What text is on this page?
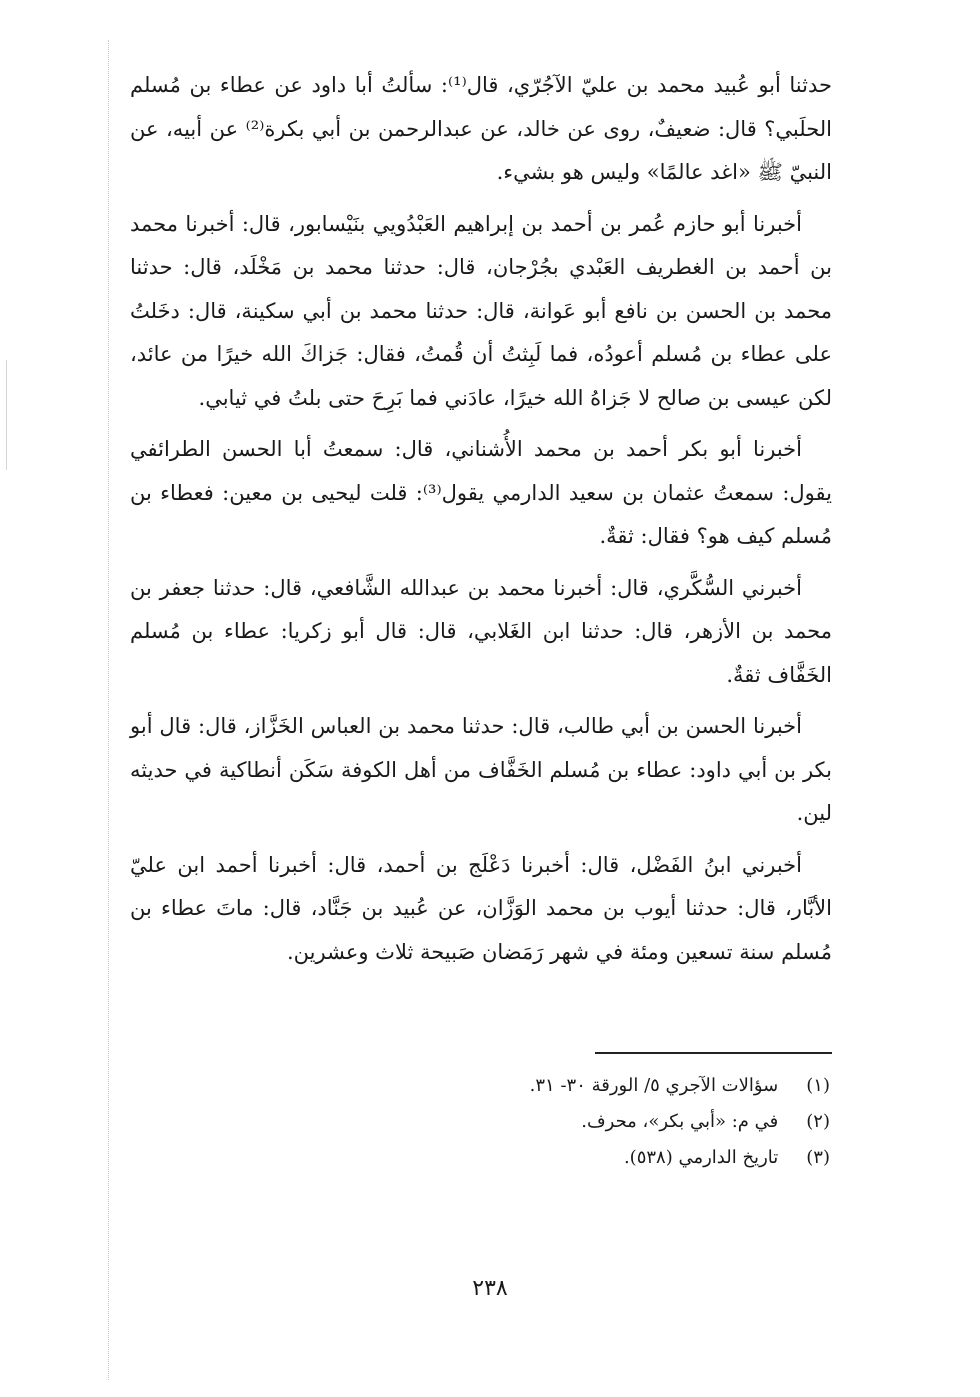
حدثنا أبو عُبيد محمد بن عليّ الآجُرّي، قال⁽¹⁾: سألتُ أبا داود عن عطاء بن مُسلم الحلَبي؟ قال: ضعيفٌ، روى عن خالد، عن عبدالرحمن بن أبي بكرة⁽²⁾ عن أبيه، عن النبيّ ﷺ «اغد عالمًا» وليس هو بشيء.

أخبرنا أبو حازم عُمر بن أحمد بن إبراهيم العَبْدُويي بنَيْسابور، قال: أخبرنا محمد بن أحمد بن الغطريف العَبْدي بجُرْجان، قال: حدثنا محمد بن مَخْلَد، قال: حدثنا محمد بن الحسن بن نافع أبو عَوانة، قال: حدثنا محمد بن أبي سكينة، قال: دخَلتُ على عطاء بن مُسلم أعودُه، فما لَبِثتُ أن قُمتُ، فقال: جَزاكَ الله خيرًا من عائد، لكن عيسى بن صالح لا جَزاهُ الله خيرًا، عادَني فما بَرِحَ حتى بلتُ في ثيابي.

أخبرنا أبو بكر أحمد بن محمد الأُشناني، قال: سمعتُ أبا الحسن الطرائفي يقول: سمعتُ عثمان بن سعيد الدارمي يقول⁽³⁾: قلت ليحيى بن معين: فعطاء بن مُسلم كيف هو؟ فقال: ثقةٌ.

أخبرني السُّكَّري، قال: أخبرنا محمد بن عبدالله الشَّافعي، قال: حدثنا جعفر بن محمد بن الأزهر، قال: حدثنا ابن الغَلابي، قال: قال أبو زكريا: عطاء بن مُسلم الخَفَّاف ثقةٌ.

أخبرنا الحسن بن أبي طالب، قال: حدثنا محمد بن العباس الخَزَّاز، قال: قال أبو بكر بن أبي داود: عطاء بن مُسلم الخَفَّاف من أهل الكوفة سَكَن أنطاكية في حديثه لين.

أخبرني ابنُ الفَضْل، قال: أخبرنا دَعْلَج بن أحمد، قال: أخبرنا أحمد ابن عليّ الأبَّار، قال: حدثنا أيوب بن محمد الوَزَّان، عن عُبيد بن جَنَّاد، قال: ماتَ عطاء بن مُسلم سنة تسعين ومئة في شهر رَمَضان صَبيحة ثلاث وعشرين.

(١) سؤالات الآجري ٥/ الورقة ٣٠- ٣١.
(٢) في م: «أبي بكر»، محرف.
(٣) تاريخ الدارمي (٥٣٨).
٢٣٨
